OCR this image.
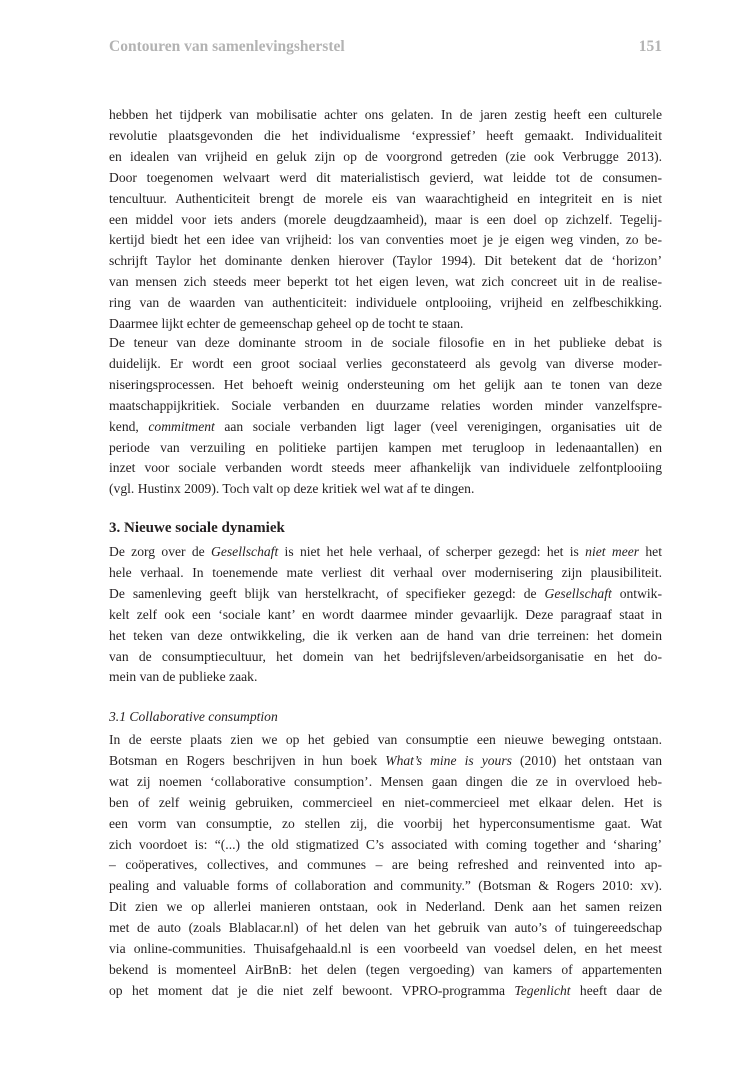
Contouren van samenlevingsherstel	151
hebben het tijdperk van mobilisatie achter ons gelaten. In de jaren zestig heeft een culturele
revolutie plaatsgevonden die het individualisme ‘expressief’ heeft gemaakt. Individualiteit
en idealen van vrijheid en geluk zijn op de voorgrond getreden (zie ook Verbrugge 2013).
Door toegenomen welvaart werd dit materialistisch gevierd, wat leidde tot de consumen-
tencultuur. Authenticiteit brengt de morele eis van waarachtigheid en integriteit en is niet
een middel voor iets anders (morele deugdzaamheid), maar is een doel op zichzelf. Tegelij-
kertijd biedt het een idee van vrijheid: los van conventies moet je je eigen weg vinden, zo be-
schrijft Taylor het dominante denken hierover (Taylor 1994). Dit betekent dat de ‘horizon’
van mensen zich steeds meer beperkt tot het eigen leven, wat zich concreet uit in de realise-
ring van de waarden van authenticiteit: individuele ontplooiing, vrijheid en zelfbeschikking.
Daarmee lijkt echter de gemeenschap geheel op de tocht te staan.
De teneur van deze dominante stroom in de sociale filosofie en in het publieke debat is
duidelijk. Er wordt een groot sociaal verlies geconstateerd als gevolg van diverse moder-
niseringsprocessen. Het behoeft weinig ondersteuning om het gelijk aan te tonen van deze
maatschappijkritiek. Sociale verbanden en duurzame relaties worden minder vanzelfspre-
kend, commitment aan sociale verbanden ligt lager (veel verenigingen, organisaties uit de
periode van verzuiling en politieke partijen kampen met terugloop in ledenaantallen) en
inzet voor sociale verbanden wordt steeds meer afhankelijk van individuele zelfontplooiing
(vgl. Hustinx 2009). Toch valt op deze kritiek wel wat af te dingen.
3. Nieuwe sociale dynamiek
De zorg over de Gesellschaft is niet het hele verhaal, of scherper gezegd: het is niet meer het
hele verhaal. In toenemende mate verliest dit verhaal over modernisering zijn plausibiliteit.
De samenleving geeft blijk van herstelkracht, of specifieker gezegd: de Gesellschaft ontwik-
kelt zelf ook een ‘sociale kant’ en wordt daarmee minder gevaarlijk. Deze paragraaf staat in
het teken van deze ontwikkeling, die ik verken aan de hand van drie terreinen: het domein
van de consumptiecultuur, het domein van het bedrijfsleven/arbeidsorganisatie en het do-
mein van de publieke zaak.
3.1 Collaborative consumption
In de eerste plaats zien we op het gebied van consumptie een nieuwe beweging ontstaan.
Botsman en Rogers beschrijven in hun boek What’s mine is yours (2010) het ontstaan van
wat zij noemen ‘collaborative consumption’. Mensen gaan dingen die ze in overvloed heb-
ben of zelf weinig gebruiken, commercieel en niet-commercieel met elkaar delen. Het is
een vorm van consumptie, zo stellen zij, die voorbij het hyperconsumentisme gaat. Wat
zich voordoet is: “(...) the old stigmatized C’s associated with coming together and ‘sharing’
– coöperatives, collectives, and communes – are being refreshed and reinvented into ap-
pealing and valuable forms of collaboration and community.” (Botsman & Rogers 2010: xv).
Dit zien we op allerlei manieren ontstaan, ook in Nederland. Denk aan het samen reizen
met de auto (zoals Blablacar.nl) of het delen van het gebruik van auto’s of tuingereedschap
via online-communities. Thuisafgehaald.nl is een voorbeeld van voedsel delen, en het meest
bekend is momenteel AirBnB: het delen (tegen vergoeding) van kamers of appartementen
op het moment dat je die niet zelf bewoont. VPRO-programma Tegenlicht heeft daar de
